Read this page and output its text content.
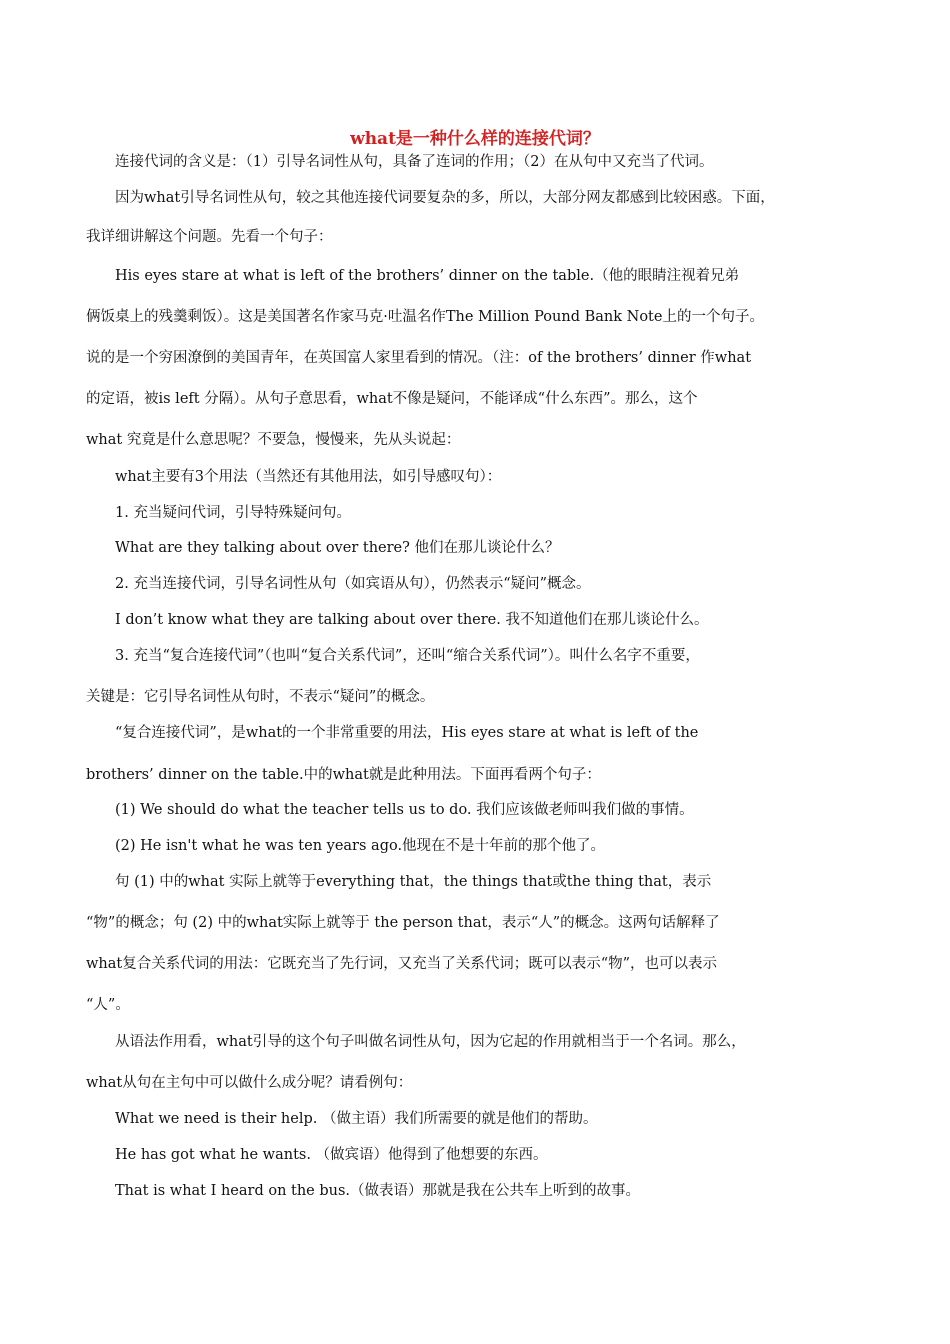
what是一种什么样的连接代词？
　　连接代词的含义是：（1）引导名词性从句，具备了连词的作用；（2）在从句中又充当了代词。
　　因为what引导名词性从句，较之其他连接代词要复杂的多，所以，大部分网友都感到比较困惑。下面，
我详细讲解这个问题。先看一个句子：
　　His eyes stare at what is left of the brothers’ dinner on the table.（他的眼睛注视着兄弟
俩饭桌上的残羹剩饭）。这是美国著名作家马克·吐温名作The Million Pound Bank Note上的一个句子。
说的是一个穷困潦倒的美国青年，在英国富人家里看到的情况。（注：of the brothers’ dinner 作what
的定语，被is left 分隔）。从句子意思看，what不像是疑问，不能译成“什么东西”。那么，这个
what 究竟是什么意思呢？不要急，慢慢来，先从头说起：
　　what主要有3个用法（当然还有其他用法，如引导感叹句）：
　　1. 充当疑问代词，引导特殊疑问句。
　　What are they talking about over there? 他们在那儿谈论什么？
　　2. 充当连接代词，引导名词性从句（如宾语从句），仍然表示“疑问”概念。
　　I don’t know what they are talking about over there. 我不知道他们在那儿谈论什么。
　　3. 充当“复合连接代词”（也叫“复合关系代词”，还叫“缩合关系代词”）。叫什么名字不重要，
关键是：它引导名词性从句时，不表示“疑问”的概念。
　　“复合连接代词”，是what的一个非常重要的用法，His eyes stare at what is left of the
brothers’ dinner on the table.中的what就是此种用法。下面再看两个句子：
　　(1) We should do what the teacher tells us to do. 我们应该做老师叫我们做的事情。
　　(2) He isn't what he was ten years ago.他现在不是十年前的那个他了。
　　句 (1) 中的what 实际上就等于everything that，the things that或the thing that，表示
“物”的概念；句 (2) 中的what实际上就等于 the person that，表示“人”的概念。这两句话解释了
what复合关系代词的用法：它既充当了先行词，又充当了关系代词；既可以表示“物”，也可以表示
“人”。
　　从语法作用看，what引导的这个句子叫做名词性从句，因为它起的作用就相当于一个名词。那么，
what从句在主句中可以做什么成分呢？请看例句：
　　What we need is their help. （做主语）我们所需要的就是他们的帮助。
　　He has got what he wants. （做宾语）他得到了他想要的东西。
　　That is what I heard on the bus.（做表语）那就是我在公共车上听到的故事。
